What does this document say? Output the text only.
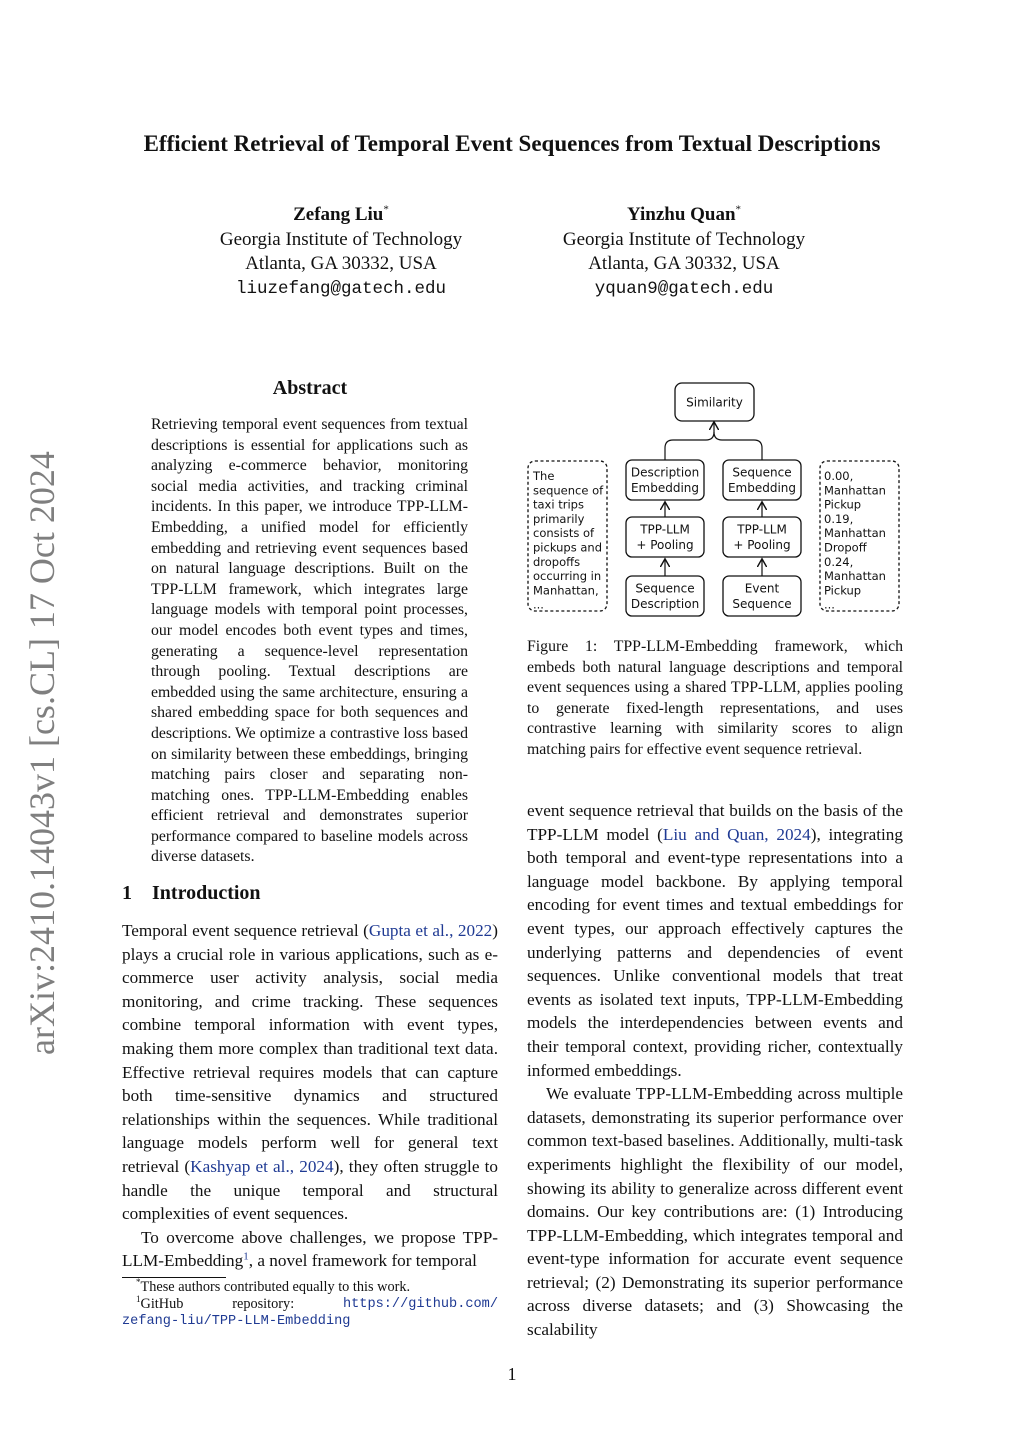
Efficient Retrieval of Temporal Event Sequences from Textual Descriptions
Zefang Liu*
Georgia Institute of Technology
Atlanta, GA 30332, USA
liuzefang@gatech.edu
Yinzhu Quan*
Georgia Institute of Technology
Atlanta, GA 30332, USA
yquan9@gatech.edu
arXiv:2410.14043v1 [cs.CL] 17 Oct 2024
Abstract
Retrieving temporal event sequences from textual descriptions is essential for applications such as analyzing e-commerce behavior, monitoring social media activities, and tracking criminal incidents. In this paper, we introduce TPP-LLM-Embedding, a unified model for efficiently embedding and retrieving event sequences based on natural language descriptions. Built on the TPP-LLM framework, which integrates large language models with temporal point processes, our model encodes both event types and times, generating a sequence-level representation through pooling. Textual descriptions are embedded using the same architecture, ensuring a shared embedding space for both sequences and descriptions. We optimize a contrastive loss based on similarity between these embeddings, bringing matching pairs closer and separating non-matching ones. TPP-LLM-Embedding enables efficient retrieval and demonstrates superior performance compared to baseline models across diverse datasets.
1 Introduction

Temporal event sequence retrieval (Gupta et al., 2022) plays a crucial role in various applications, such as e-commerce user activity analysis, social media monitoring, and crime tracking. These sequences combine temporal information with event types, making them more complex than traditional text data. Effective retrieval requires models that can capture both time-sensitive dynamics and structured relationships within the sequences. While traditional language models perform well for general text retrieval (Kashyap et al., 2024), they often struggle to handle the unique temporal and structural complexities of event sequences.

To overcome above challenges, we propose TPP-LLM-Embedding$^1$, a novel framework for temporal

event sequence retrieval that builds on the basis of the TPP-LLM model (Liu and Quan, 2024), integrating both temporal and event-type representations into a language model backbone. By applying temporal encoding for event times and textual embeddings for event types, our approach effectively captures the underlying patterns and dependencies of event sequences. Unlike conventional models that treat events as isolated text inputs, TPP-LLM-Embedding models the interdependencies between events and their temporal context, providing richer, contextually informed embeddings.

We evaluate TPP-LLM-Embedding across multiple datasets, demonstrating its superior performance over common text-based baselines. Additionally, multi-task experiments highlight the flexibility of our model, showing its ability to generalize across different event domains. Our key contributions are: (1) Introducing TPP-LLM-Embedding, which integrates temporal and event-type information for accurate event sequence retrieval; (2) Demonstrating its superior performance across diverse datasets; and (3) Showcasing the scalability

*These authors contributed equally to this work.
$^1$GitHub	repository:	https://github.com/
zefang-liu/TPP-LLM-Embedding
Similarity
Description
Embedding
Sequence
Embedding
TPP-LLM
+ Pooling
TPP-LLM
+ Pooling
Sequence
Description
Event
Sequence
The
sequence of
taxi trips
primarily
consists of
pickups and
dropoffs
occurring in
Manhattan,
...
0.00,
Manhattan
Pickup
0.19,
Manhattan
Dropoff
0.24,
Manhattan
Pickup
...
Figure 1: TPP-LLM-Embedding framework, which embeds both natural language descriptions and temporal event sequences using a shared TPP-LLM, applies pooling to generate fixed-length representations, and uses contrastive learning with similarity scores to align matching pairs for effective event sequence retrieval.
1
